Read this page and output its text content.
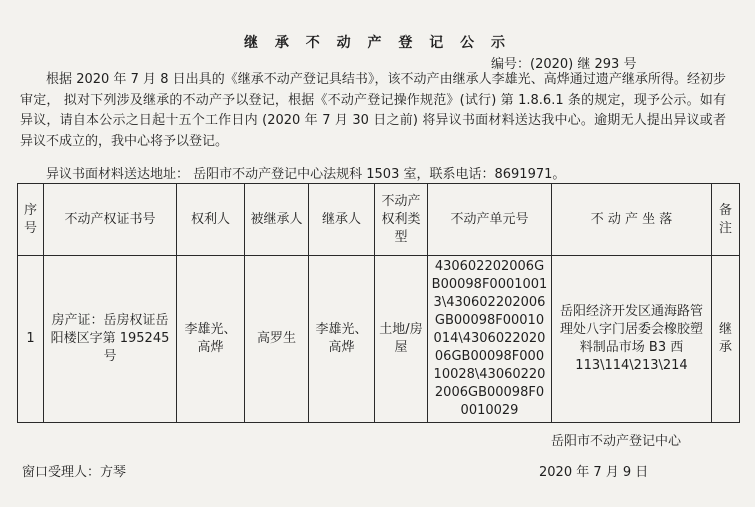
继 承 不 动 产 登 记 公 示
编号：(2020) 继 293 号
根据 2020 年 7 月 8 日出具的《继承不动产登记具结书》，该不动产由继承人李雄光、高烨通过遗产继承所得。经初步审定， 拟对下列涉及继承的不动产予以登记，根据《不动产登记操作规范》(试行) 第 1.8.6.1 条的规定，现予公示。如有异议，请自本公示之日起十五个工作日内 (2020 年 7 月 30 日之前) 将异议书面材料送达我中心。逾期无人提出异议或者异议不成立的，我中心将予以登记。
异议书面材料送达地址： 岳阳市不动产登记中心法规科 1503 室，联系电话：8691971。
序号	不动产权证书号	权利人	被继承人	继承人	不动产权利类型	不动产单元号	不 动 产 坐 落	备注
1	房产证：岳房权证岳阳楼区字第 195245 号	李雄光、高烨	高罗生	李雄光、高烨	土地/房屋	430602202006GB00098F00010013\430602202006GB00098F00010014\430602202006GB00098F00010028\430602202006GB00098F00010029	岳阳经济开发区通海路管理处八字门居委会橡胶塑料制品市场 B3 西113\114\213\214	继承
岳阳市不动产登记中心
窗口受理人：方琴	2020 年 7 月 9 日
